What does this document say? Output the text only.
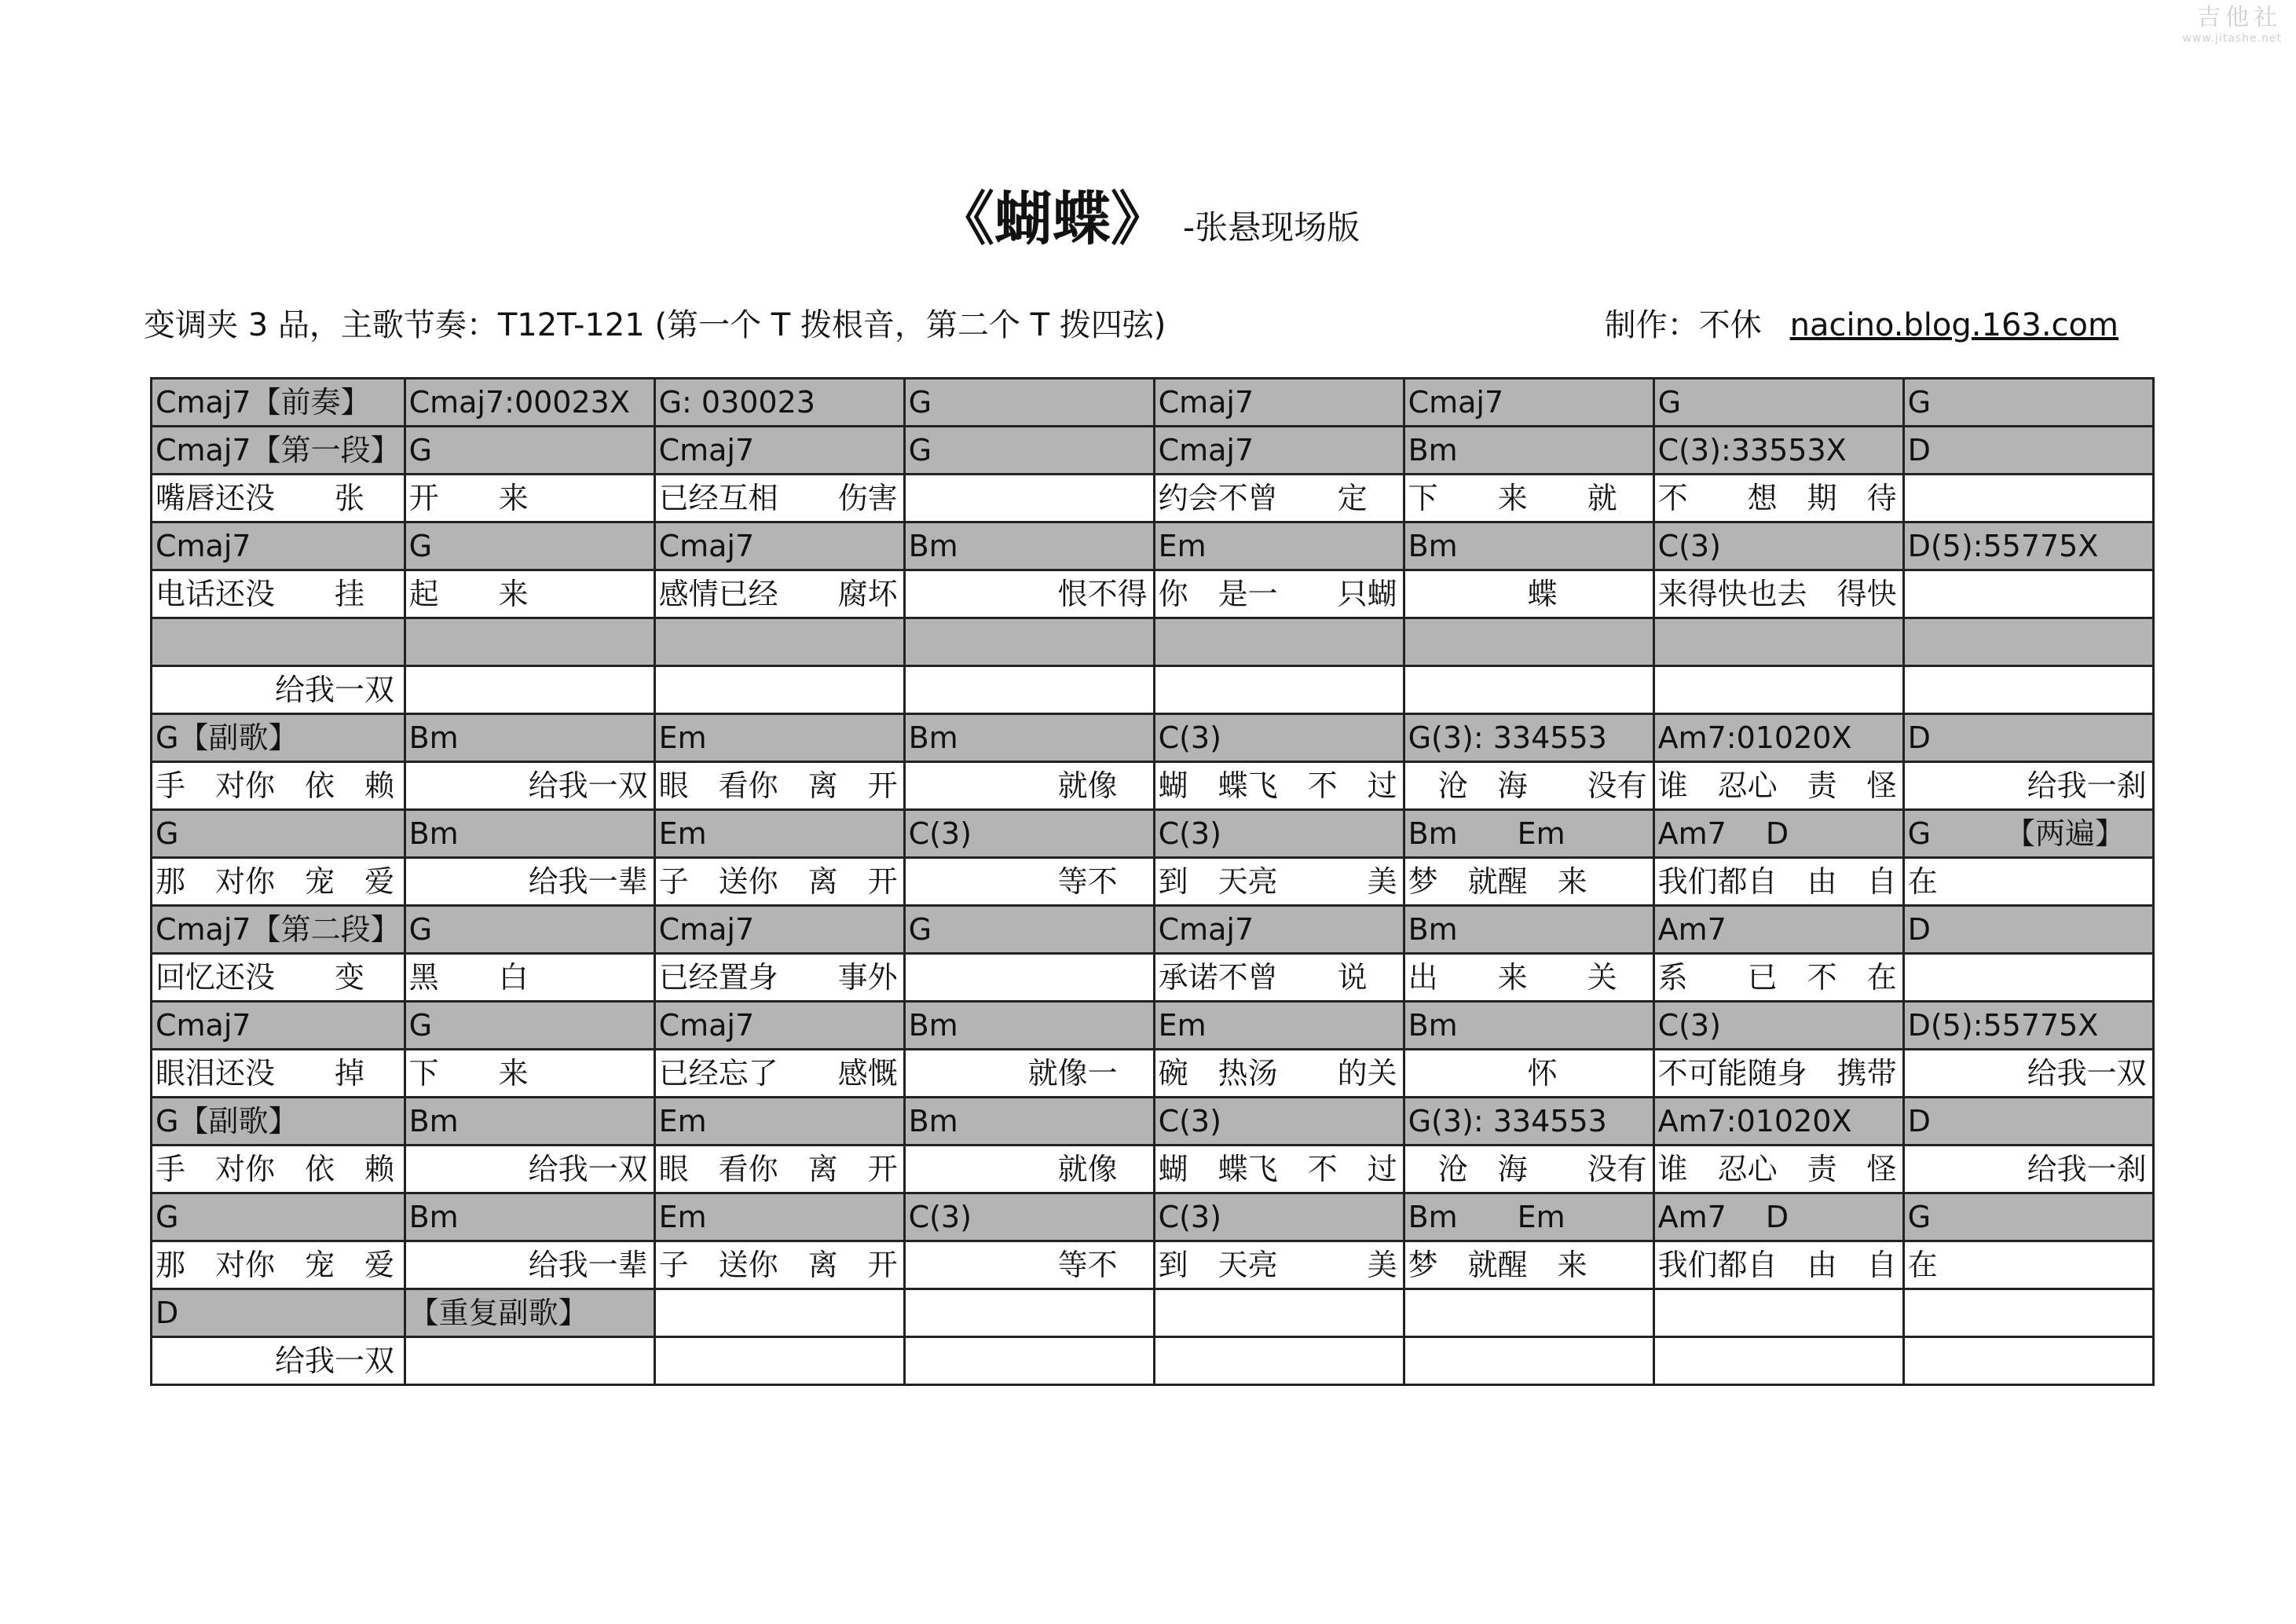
吉他社
www.jitashe.net
《蝴蝶》 -张悬现场版
变调夹 3 品，主歌节奏：T12T-121 (第一个 T 拨根音，第二个 T 拨四弦)	制作：不休 nacino.blog.163.com
Cmaj7【前奏】	Cmaj7:00023X	G: 030023	G	Cmaj7	Cmaj7	G	G
Cmaj7【第一段】	G	Cmaj7	G	Cmaj7	Bm	C(3):33553X	D
嘴唇还没　　张	开　　来	已经互相　　伤害		约会不曾　　定	下　　来　　就	不　　想　期　待	
Cmaj7	G	Cmaj7	Bm	Em	Bm	C(3)	D(5):55775X
电话还没　　挂	起　　来	感情已经　　腐坏	　　　　　恨不得	你　是一　　只蝴	　　　　蝶	来得快也去　得快	

　　　　给我一双							
G【副歌】	Bm	Em	Bm	C(3)	G(3): 334553	Am7:01020X	D
手　对你　依　赖	　　　　给我一双	眼　看你　离　开	　　　　　就像	蝴　蝶飞　不　过	　沧　海　　没有	谁　忍心　责　怪	　　　　给我一刹
G	Bm	Em	C(3)	C(3)	Bm　　Em	Am7　 D	G　　　【两遍】
那　对你　宠　爱	　　　　给我一辈	子　送你　离　开	　　　　　等不	到　天亮　　　美	梦　就醒　来	我们都自　由　自	在
Cmaj7【第二段】	G	Cmaj7	G	Cmaj7	Bm	Am7	D
回忆还没　　变	黑　　白	已经置身　　事外		承诺不曾　　说	出　　来　　关	系　　已　不　在	
Cmaj7	G	Cmaj7	Bm	Em	Bm	C(3)	D(5):55775X
眼泪还没　　掉	下　　来	已经忘了　　感慨	　　　　就像一	碗　热汤　　的关	　　　　怀	不可能随身　携带	　　　　给我一双
G【副歌】	Bm	Em	Bm	C(3)	G(3): 334553	Am7:01020X	D
手　对你　依　赖	　　　　给我一双	眼　看你　离　开	　　　　　就像	蝴　蝶飞　不　过	　沧　海　　没有	谁　忍心　责　怪	　　　　给我一刹
G	Bm	Em	C(3)	C(3)	Bm　　Em	Am7　 D	G
那　对你　宠　爱	　　　　给我一辈	子　送你　离　开	　　　　　等不	到　天亮　　　美	梦　就醒　来	我们都自　由　自	在
D	【重复副歌】						
　　　　给我一双							
